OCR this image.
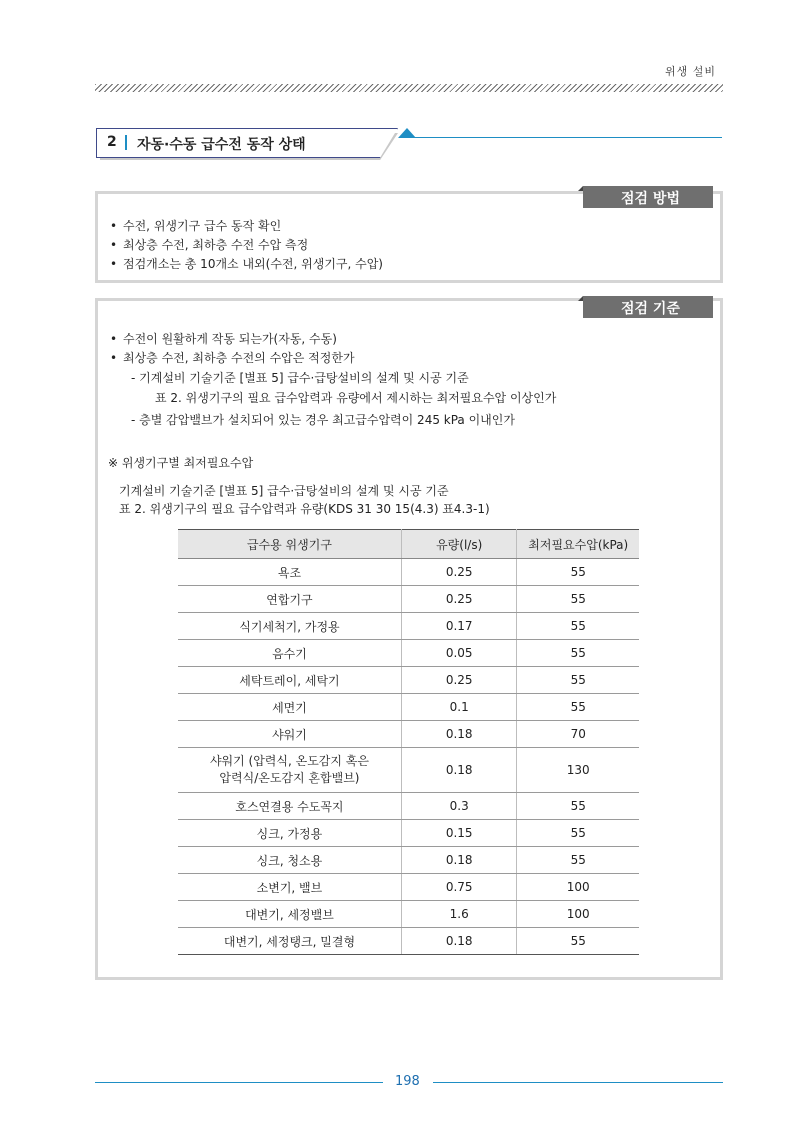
위생 설비
2 자동·수동 급수전 동작 상태
점검 방법
• 수전, 위생기구 급수 동작 확인
• 최상층 수전, 최하층 수전 수압 측정
• 점검개소는 총 10개소 내외(수전, 위생기구, 수압)
점검 기준
• 수전이 원활하게 작동 되는가(자동, 수동)
• 최상층 수전, 최하층 수전의 수압은 적정한가
- 기계설비 기술기준 [별표 5] 급수·급탕설비의 설계 및 시공 기준
표 2. 위생기구의 필요 급수압력과 유량에서 제시하는 최저필요수압 이상인가
- 층별 감압밸브가 설치되어 있는 경우 최고급수압력이 245 kPa 이내인가
※ 위생기구별 최저필요수압
기계설비 기술기준 [별표 5] 급수·급탕설비의 설계 및 시공 기준
표 2. 위생기구의 필요 급수압력과 유량(KDS 31 30 15(4.3) 표4.3-1)
급수용 위생기구	유량(l/s)	최저필요수압(kPa)
욕조	0.25	55
연합기구	0.25	55
식기세척기, 가정용	0.17	55
음수기	0.05	55
세탁트레이, 세탁기	0.25	55
세면기	0.1	55
샤워기	0.18	70

샤워기 (압력식, 온도감지 혹은
압력식/온도감지 혼합밸브)	0.18	130
호스연결용 수도꼭지	0.3	55
싱크, 가정용	0.15	55
싱크, 청소용	0.18	55
소변기, 밸브	0.75	100
대변기, 세정밸브	1.6	100
대변기, 세정탱크, 밀결형	0.18	55
198
